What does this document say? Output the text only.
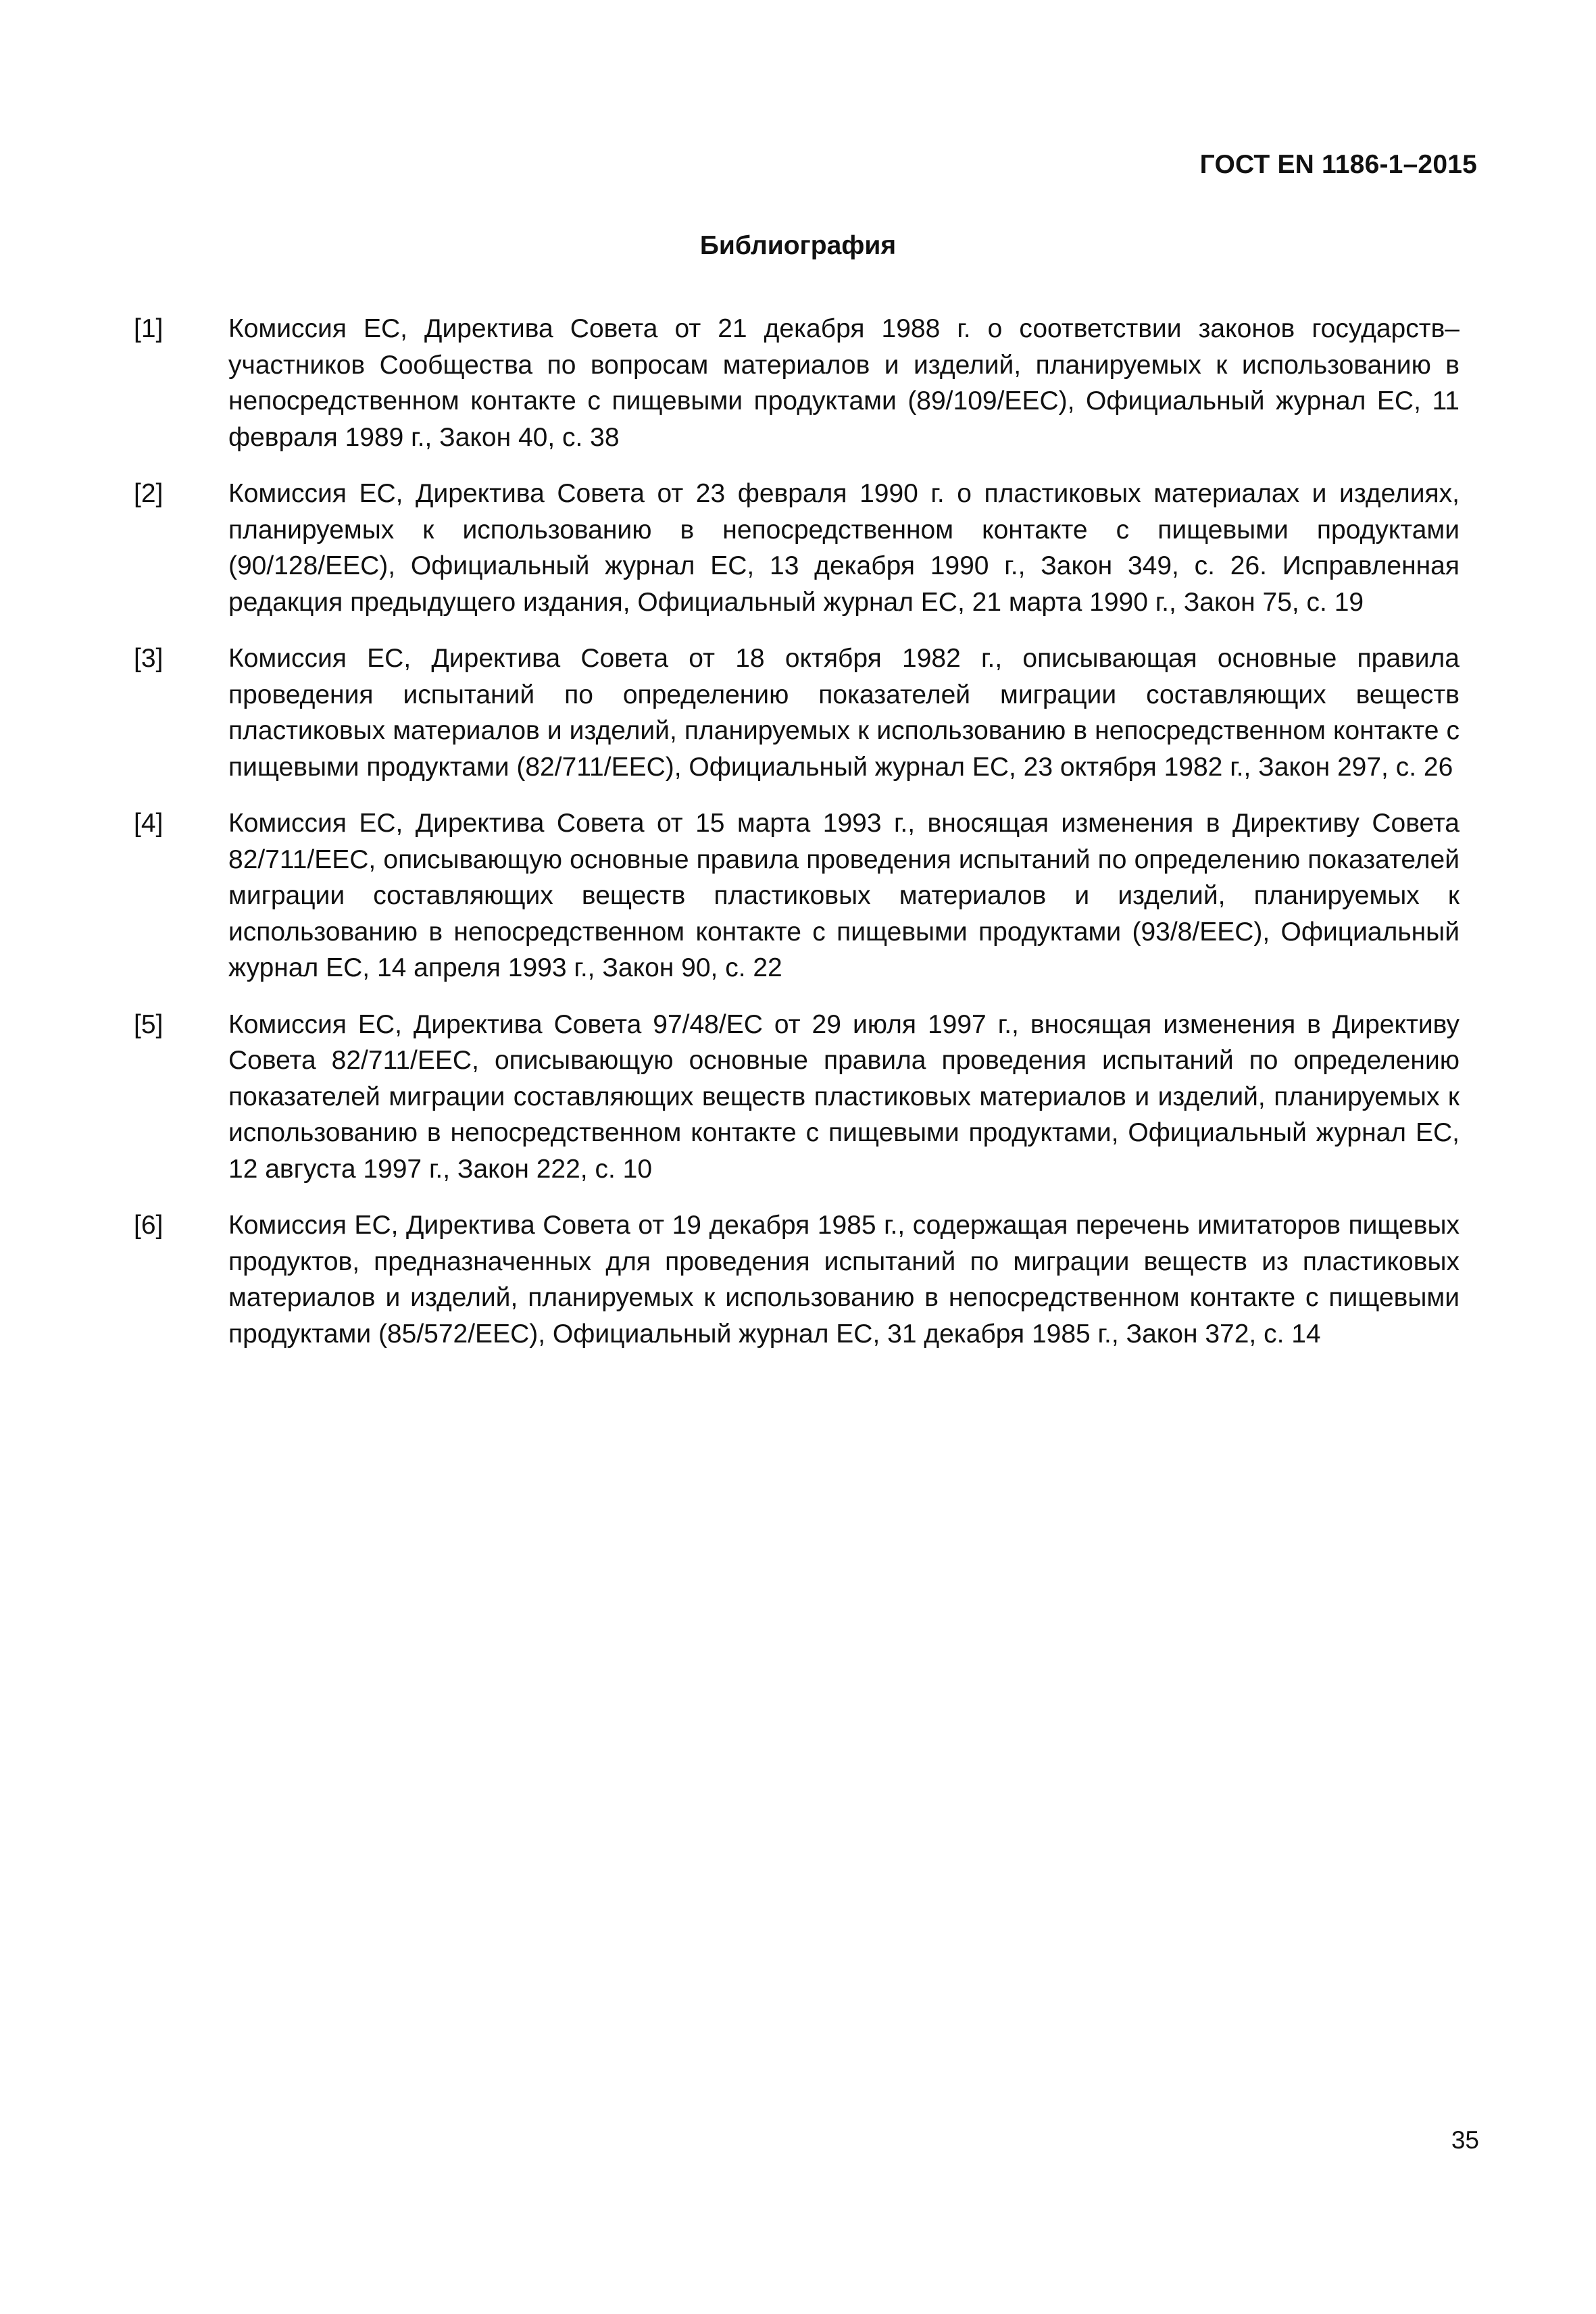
ГОСТ EN 1186-1–2015
Библиография
[1]	Комиссия ЕС, Директива Совета от 21 декабря 1988 г. о соответствии законов государств–участников Сообщества по вопросам материалов и изделий, планируемых к использованию в непосредственном контакте с пищевыми продуктами (89/109/EEC), Официальный журнал ЕС, 11 февраля 1989 г., Закон 40, с. 38
[2]	Комиссия ЕС, Директива Совета от 23 февраля 1990 г. о пластиковых материалах и изделиях, планируемых к использованию в непосредственном контакте с пищевыми продуктами (90/128/EEC), Официальный журнал ЕС, 13 декабря 1990 г., Закон 349, с. 26. Исправленная редакция предыдущего издания, Официальный журнал ЕС, 21 марта 1990 г., Закон 75, с. 19
[3]	Комиссия ЕС, Директива Совета от 18 октября 1982 г., описывающая основные правила проведения испытаний по определению показателей миграции составляющих веществ пластиковых материалов и изделий, планируемых к использованию в непосредственном контакте с пищевыми продуктами (82/711/EEC), Официальный журнал ЕС, 23 октября 1982 г., Закон 297, с. 26
[4]	Комиссия ЕС, Директива Совета от 15 марта 1993 г., вносящая изменения в Директиву Совета 82/711/EEC, описывающую основные правила проведения испытаний по определению показателей миграции составляющих веществ пластиковых материалов и изделий, планируемых к использованию в непосредственном контакте с пищевыми продуктами (93/8/EEC), Официальный журнал ЕС, 14 апреля 1993 г., Закон 90, с. 22
[5]	Комиссия ЕС, Директива Совета 97/48/EC от 29 июля 1997 г., вносящая изменения в Директиву Совета 82/711/EEC, описывающую основные правила проведения испытаний по определению показателей миграции составляющих веществ пластиковых материалов и изделий, планируемых к использованию в непосредственном контакте с пищевыми продуктами, Официальный журнал ЕС, 12 августа 1997 г., Закон 222, с. 10
[6]	Комиссия ЕС, Директива Совета от 19 декабря 1985 г., содержащая перечень имитаторов пищевых продуктов, предназначенных для проведения испытаний по миграции веществ из пластиковых материалов и изделий, планируемых к использованию в непосредственном контакте с пищевыми продуктами (85/572/EEC), Официальный журнал ЕС, 31 декабря 1985 г., Закон 372, с. 14
35
